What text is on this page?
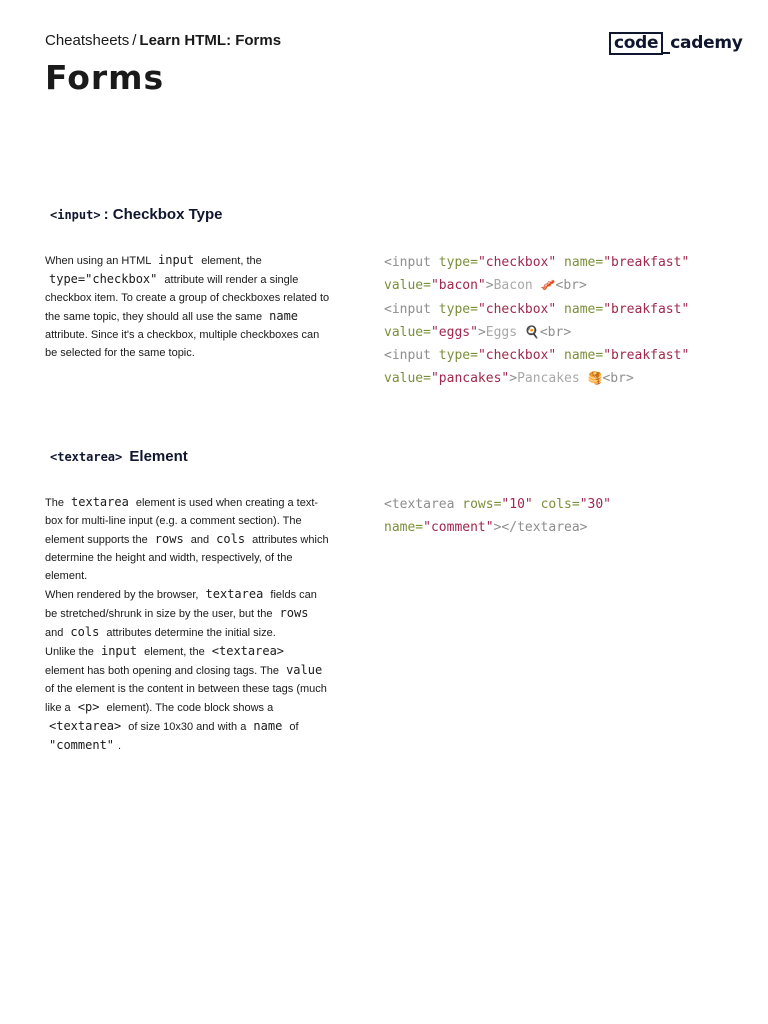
Cheatsheets / Learn HTML: Forms	code cademy
Forms
<input> : Checkbox Type

When using an HTML input element, the type="checkbox" attribute will render a single checkbox item. To create a group of checkboxes related to the same topic, they should all use the same name attribute. Since it's a checkbox, multiple checkboxes can be selected for the same topic.

<input type="checkbox" name="breakfast"
value="bacon">Bacon 🥓<br>
<input type="checkbox" name="breakfast"
value="eggs">Eggs 🍳<br>
<input type="checkbox" name="breakfast"
value="pancakes">Pancakes 🥞<br>
<textarea> Element

The textarea element is used when creating a text-box for multi-line input (e.g. a comment section). The element supports the rows and cols attributes which determine the height and width, respectively, of the element.

When rendered by the browser, textarea fields can be stretched/shrunk in size by the user, but the rows and cols attributes determine the initial size.

Unlike the input element, the <textarea> element has both opening and closing tags. The value of the element is the content in between these tags (much like a <p> element). The code block shows a <textarea> of size 10x30 and with a name of "comment" .

<textarea rows="10" cols="30"
name="comment"></textarea>
